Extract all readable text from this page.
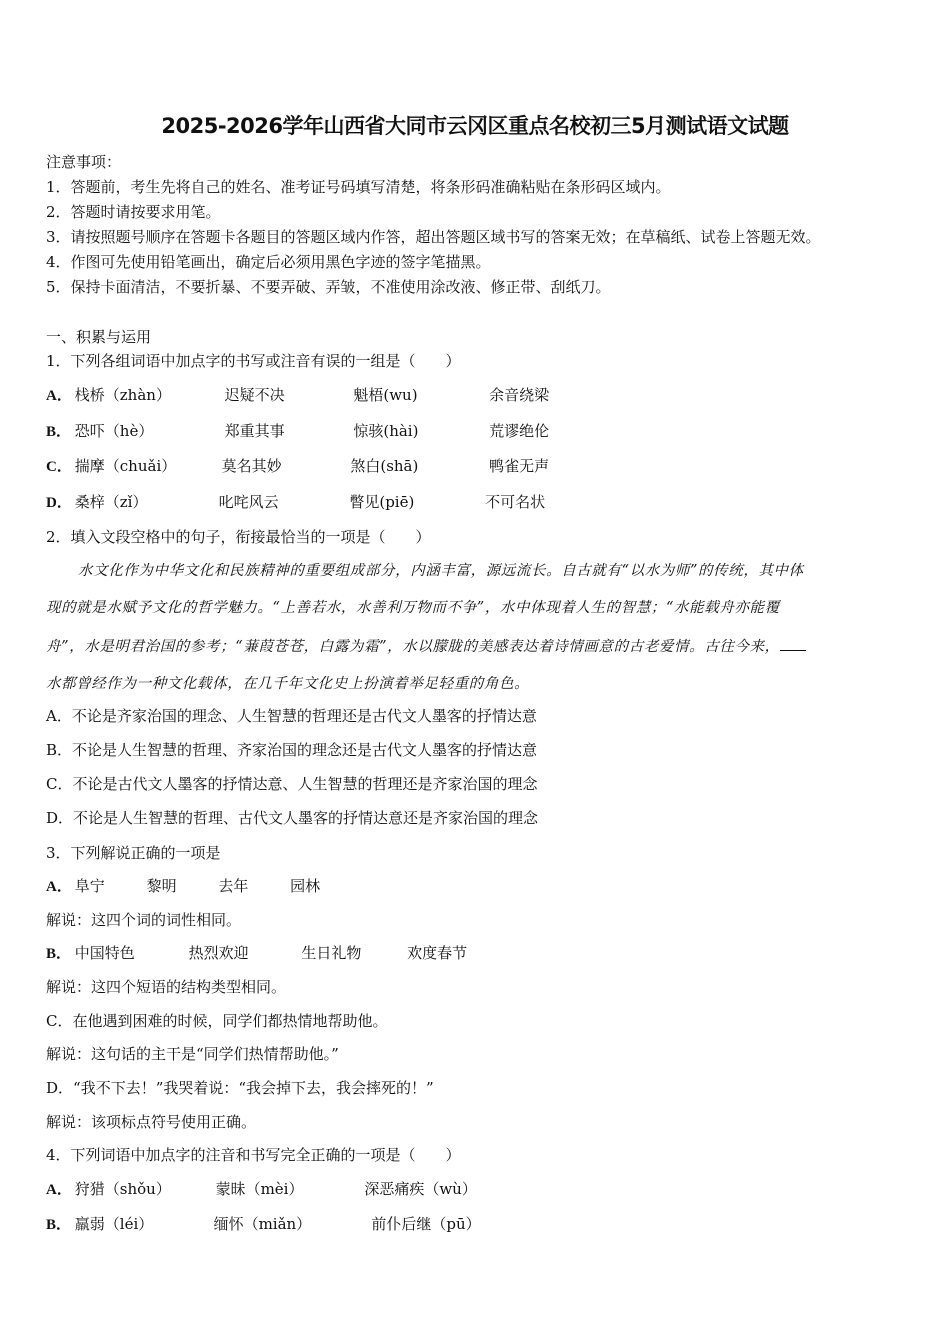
2025-2026学年山西省大同市云冈区重点名校初三5月测试语文试题
注意事项：
1．答题前，考生先将自己的姓名、准考证号码填写清楚，将条形码准确粘贴在条形码区域内。
2．答题时请按要求用笔。
3．请按照题号顺序在答题卡各题目的答题区域内作答，超出答题区域书写的答案无效；在草稿纸、试卷上答题无效。
4．作图可先使用铅笔画出，确定后必须用黑色字迹的签字笔描黑。
5．保持卡面清洁，不要折暴、不要弄破、弄皱，不准使用涂改液、修正带、刮纸刀。
一、积累与运用
1．下列各组词语中加点字的书写或注音有误的一组是（　　）
A． 栈桥（zhàn）	迟疑不决	魁梧(wu)	余音绕梁
B． 恐吓（hè）	郑重其事	惊骇(hài)	荒谬绝伦
C． 揣摩（chuǎi）	莫名其妙	煞白(shā)	鸭雀无声
D． 桑梓（zǐ）	叱咤风云	瞥见(piē)	不可名状
2．填入文段空格中的句子，衔接最恰当的一项是（　　）
水文化作为中华文化和民族精神的重要组成部分，内涵丰富，源远流长。自古就有“以水为师”的传统，其中体
现的就是水赋予文化的哲学魅力。“上善若水，水善利万物而不争”，水中体现着人生的智慧；“水能载舟亦能覆
舟”，水是明君治国的参考；“蒹葭苍苍，白露为霜”，水以朦胧的美感表达着诗情画意的古老爱情。古往今来，
水都曾经作为一种文化载体，在几千年文化史上扮演着举足轻重的角色。
A．不论是齐家治国的理念、人生智慧的哲理还是古代文人墨客的抒情达意
B．不论是人生智慧的哲理、齐家治国的理念还是古代文人墨客的抒情达意
C．不论是古代文人墨客的抒情达意、人生智慧的哲理还是齐家治国的理念
D．不论是人生智慧的哲理、古代文人墨客的抒情达意还是齐家治国的理念
3．下列解说正确的一项是
A． 阜宁	黎明	去年	园林
解说：这四个词的词性相同。
B． 中国特色	热烈欢迎	生日礼物	欢度春节
解说：这四个短语的结构类型相同。
C．在他遇到困难的时候，同学们都热情地帮助他。
解说：这句话的主干是“同学们热情帮助他。”
D．“我不下去！”我哭着说：“我会掉下去，我会摔死的！”
解说：该项标点符号使用正确。
4．下列词语中加点字的注音和书写完全正确的一项是（　　）
A． 狩猎（shǒu）	蒙昧（mèi）	深恶痛疾（wù）
B． 羸弱（léi）	缅怀（miǎn）	前仆后继（pū）
